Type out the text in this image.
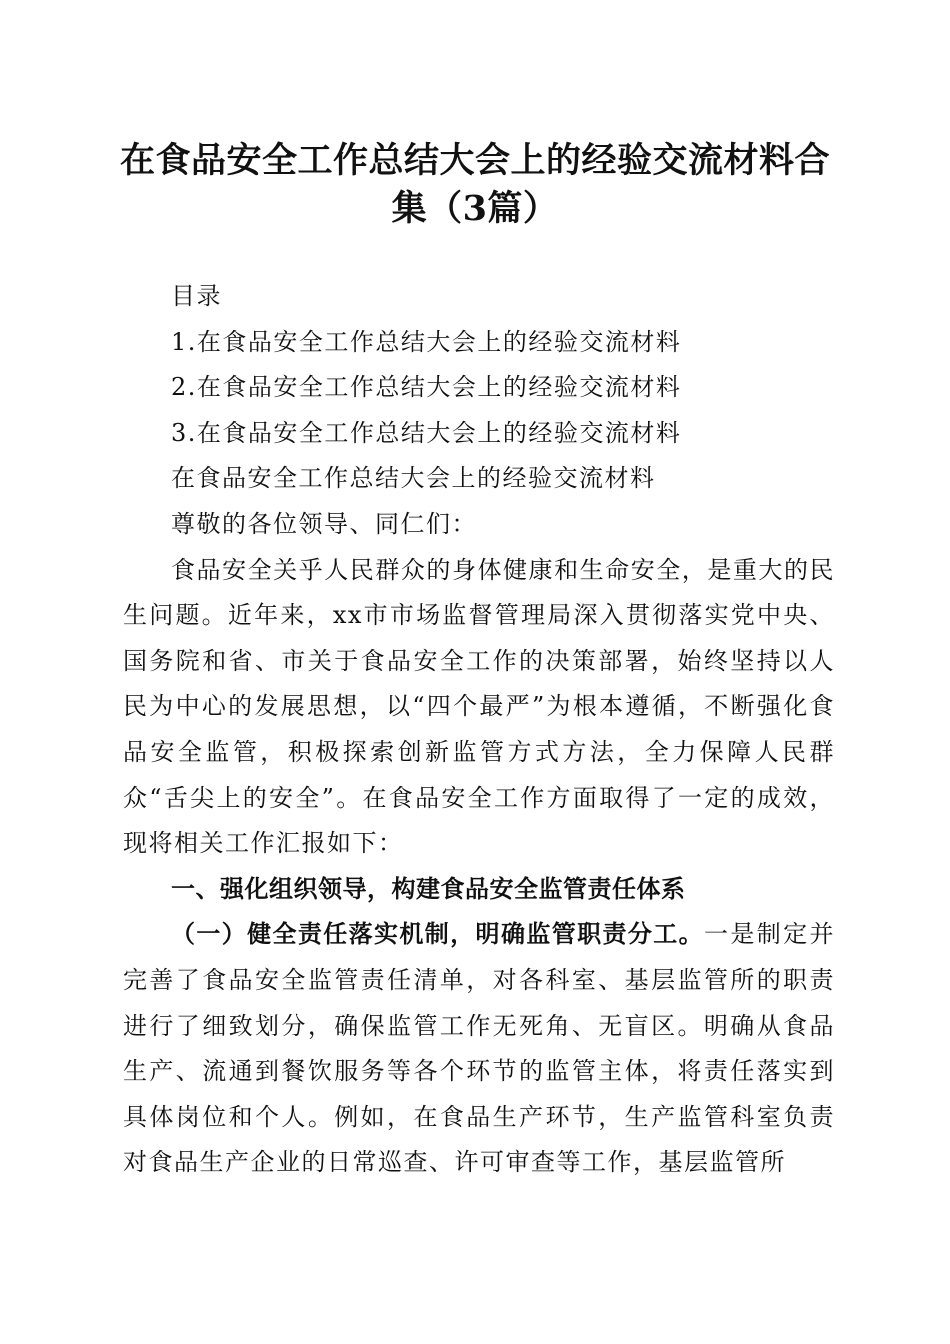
在食品安全工作总结大会上的经验交流材料合集（3篇）

目录

1.在食品安全工作总结大会上的经验交流材料

2.在食品安全工作总结大会上的经验交流材料

3.在食品安全工作总结大会上的经验交流材料

在食品安全工作总结大会上的经验交流材料

尊敬的各位领导、同仁们：

食品安全关乎人民群众的身体健康和生命安全，是重大的民生问题。近年来，xx市市场监督管理局深入贯彻落实党中央、国务院和省、市关于食品安全工作的决策部署，始终坚持以人民为中心的发展思想，以“四个最严”为根本遵循，不断强化食品安全监管，积极探索创新监管方式方法，全力保障人民群众“舌尖上的安全”。在食品安全工作方面取得了一定的成效，现将相关工作汇报如下：

一、强化组织领导，构建食品安全监管责任体系

（一）健全责任落实机制，明确监管职责分工。一是制定并完善了食品安全监管责任清单，对各科室、基层监管所的职责进行了细致划分，确保监管工作无死角、无盲区。明确从食品生产、流通到餐饮服务等各个环节的监管主体，将责任落实到具体岗位和个人。例如，在食品生产环节，生产监管科室负责对食品生产企业的日常巡查、许可审查等工作，基层监管所
